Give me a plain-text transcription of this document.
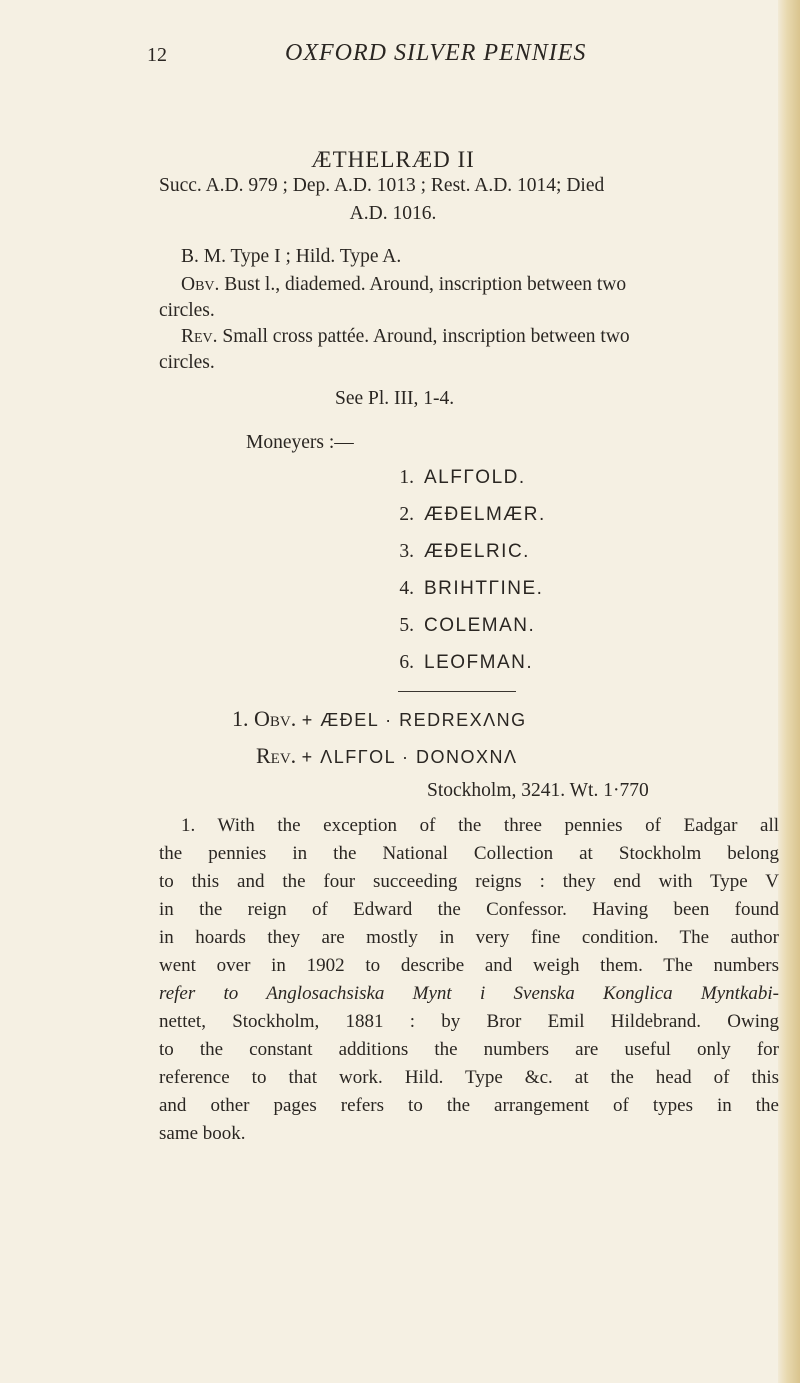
12	OXFORD SILVER PENNIES
ÆTHELRÆD II
Succ. A.D. 979 ; Dep. A.D. 1013 ; Rest. A.D. 1014; Died
A.D. 1016.
B. M. Type I ; Hild. Type A.
Obv. Bust l., diademed. Around, inscription between two
circles.
Rev. Small cross pattée. Around, inscription between two
circles.
See Pl. III, 1-4.
Moneyers :—
1. ALFΓOLD.
2. ÆÐELMÆR.
3. ÆÐELRIC.
4. BRIHTΓINE.
5. COLEMAN.
6. LEOFMAN.
1. Obv. + ÆÐEL · REDREXΛNG
Rev. + ΛLFΓOL · DONOXNΛ
Stockholm, 3241. Wt. 1·770
1. With the exception of the three pennies of Eadgar all
the pennies in the National Collection at Stockholm belong
to this and the four succeeding reigns : they end with Type V
in the reign of Edward the Confessor. Having been found
in hoards they are mostly in very fine condition. The author
went over in 1902 to describe and weigh them. The numbers
refer to Anglosachsiska Mynt i Svenska Konglica Myntkabi-
nettet, Stockholm, 1881 : by Bror Emil Hildebrand. Owing
to the constant additions the numbers are useful only for
reference to that work. Hild. Type &c. at the head of this
and other pages refers to the arrangement of types in the
same book.
